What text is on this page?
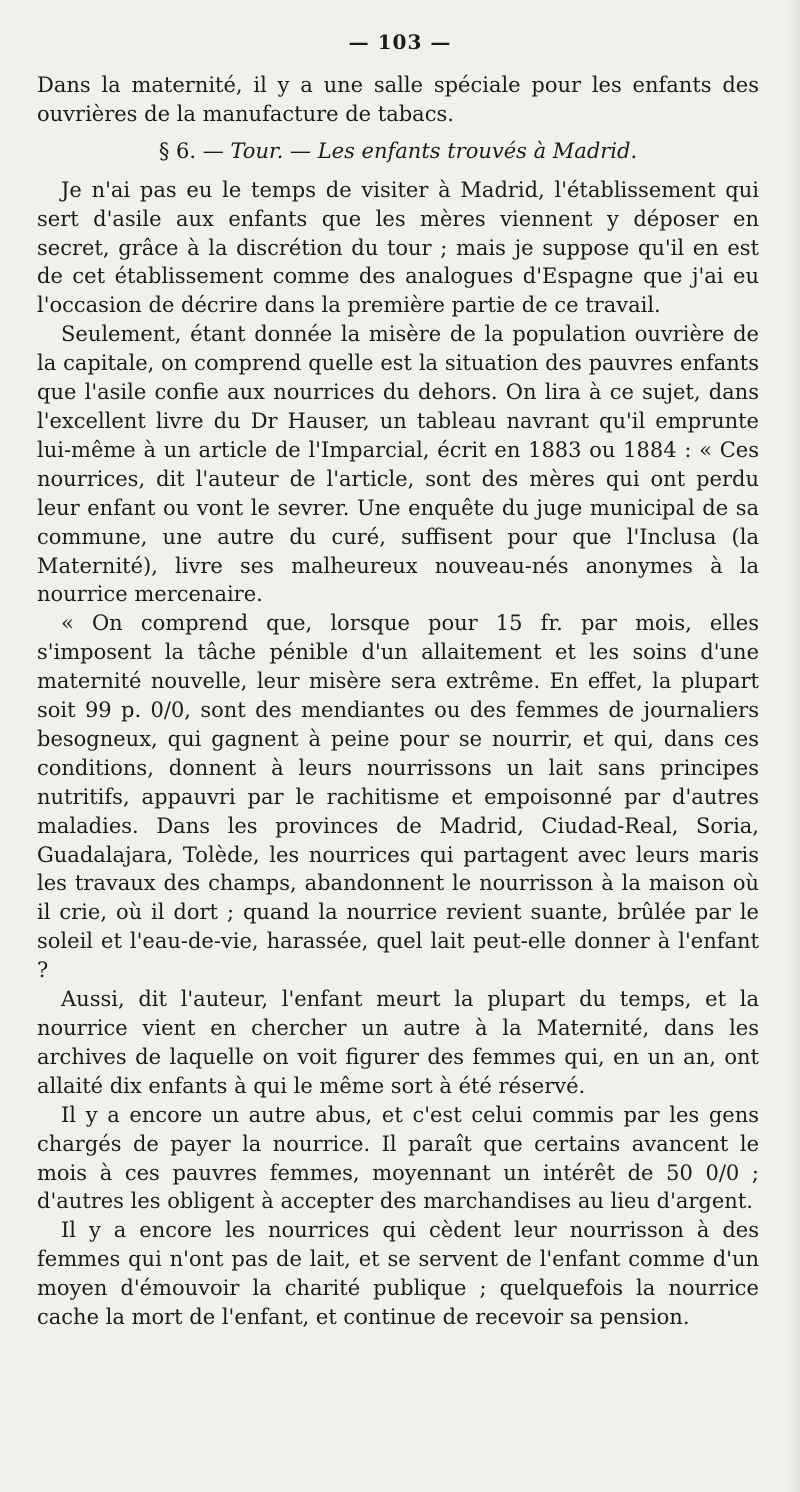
— 103 —

Dans la maternité, il y a une salle spéciale pour les enfants des ouvrières de la manufacture de tabacs.

§ 6. — Tour. — Les enfants trouvés à Madrid.

Je n'ai pas eu le temps de visiter à Madrid, l'établissement qui sert d'asile aux enfants que les mères viennent y déposer en secret, grâce à la discrétion du tour ; mais je suppose qu'il en est de cet établissement comme des analogues d'Espagne que j'ai eu l'occasion de décrire dans la première partie de ce travail.

Seulement, étant donnée la misère de la population ouvrière de la capitale, on comprend quelle est la situation des pauvres enfants que l'asile confie aux nourrices du dehors. On lira à ce sujet, dans l'excellent livre du Dr Hauser, un tableau navrant qu'il emprunte lui-même à un article de l'Imparcial, écrit en 1883 ou 1884 : « Ces nourrices, dit l'auteur de l'article, sont des mères qui ont perdu leur enfant ou vont le sevrer. Une enquête du juge municipal de sa commune, une autre du curé, suffisent pour que l'Inclusa (la Maternité), livre ses malheureux nouveau-nés anonymes à la nourrice mercenaire.

« On comprend que, lorsque pour 15 fr. par mois, elles s'imposent la tâche pénible d'un allaitement et les soins d'une maternité nouvelle, leur misère sera extrême. En effet, la plupart soit 99 p. 0/0, sont des mendiantes ou des femmes de journaliers besogneux, qui gagnent à peine pour se nourrir, et qui, dans ces conditions, donnent à leurs nourrissons un lait sans principes nutritifs, appauvri par le rachitisme et empoisonné par d'autres maladies. Dans les provinces de Madrid, Ciudad-Real, Soria, Guadalajara, Tolède, les nourrices qui partagent avec leurs maris les travaux des champs, abandonnent le nourrisson à la maison où il crie, où il dort ; quand la nourrice revient suante, brûlée par le soleil et l'eau-de-vie, harassée, quel lait peut-elle donner à l'enfant ?

Aussi, dit l'auteur, l'enfant meurt la plupart du temps, et la nourrice vient en chercher un autre à la Maternité, dans les archives de laquelle on voit figurer des femmes qui, en un an, ont allaité dix enfants à qui le même sort à été réservé.

Il y a encore un autre abus, et c'est celui commis par les gens chargés de payer la nourrice. Il paraît que certains avancent le mois à ces pauvres femmes, moyennant un intérêt de 50 0/0 ; d'autres les obligent à accepter des marchandises au lieu d'argent.

Il y a encore les nourrices qui cèdent leur nourrisson à des femmes qui n'ont pas de lait, et se servent de l'enfant comme d'un moyen d'émouvoir la charité publique ; quelquefois la nourrice cache la mort de l'enfant, et continue de recevoir sa pension.
